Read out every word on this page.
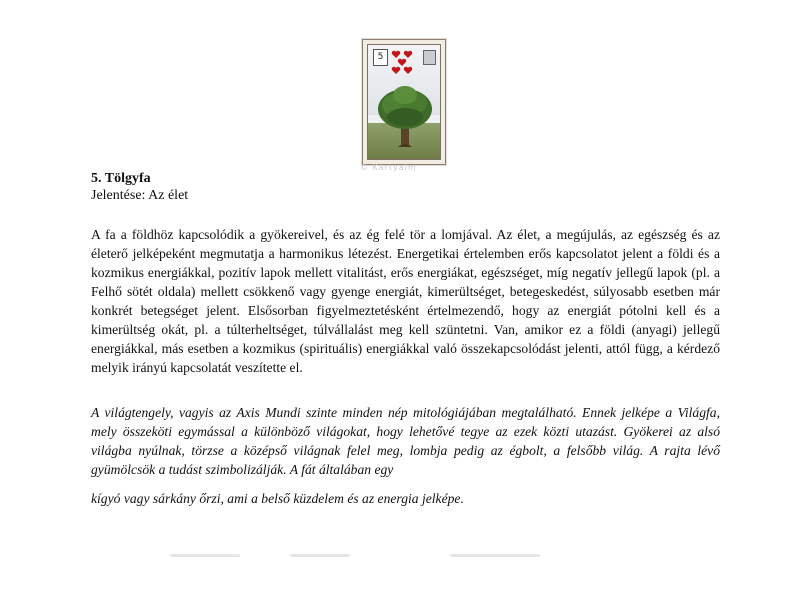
5
© Kártyaim

5. Tölgyfa

Jelentése: Az élet

A fa a földhöz kapcsolódik a gyökereivel, és az ég felé tör a lomjával. Az élet, a megújulás, az egészség és az életerő jelképeként megmutatja a harmonikus létezést. Energetikai értelemben erős kapcsolatot jelent a földi és a kozmikus energiákkal, pozitív lapok mellett vitalitást, erős energiákat, egészséget, míg negatív jellegű lapok (pl. a Felhő sötét oldala) mellett csökkenő vagy gyenge energiát, kimerültséget, betegeskedést, súlyosabb esetben már konkrét betegséget jelent. Elsősorban figyelmeztetésként értelmezendő, hogy az energiát pótolni kell és a kimerültség okát, pl. a túlterheltséget, túlvállalást meg kell szüntetni. Van, amikor ez a földi (anyagi) jellegű energiákkal, más esetben a kozmikus (spirituális) energiákkal való összekapcsolódást jelenti, attól függ, a kérdező melyik irányú kapcsolatát veszítette el.

A világtengely, vagyis az Axis Mundi szinte minden nép mitológiájában megtalálható. Ennek jelképe a Világfa, mely összeköti egymással a különböző világokat, hogy lehetővé tegye az ezek közti utazást. Gyökerei az alsó világba nyúlnak, törzse a középső világnak felel meg, lombja pedig az égbolt, a felsőbb világ. A rajta lévő gyümölcsök a tudást szimbolizálják. A fát általában egy

kígyó vagy sárkány őrzi, ami a belső küzdelem és az energia jelképe.
